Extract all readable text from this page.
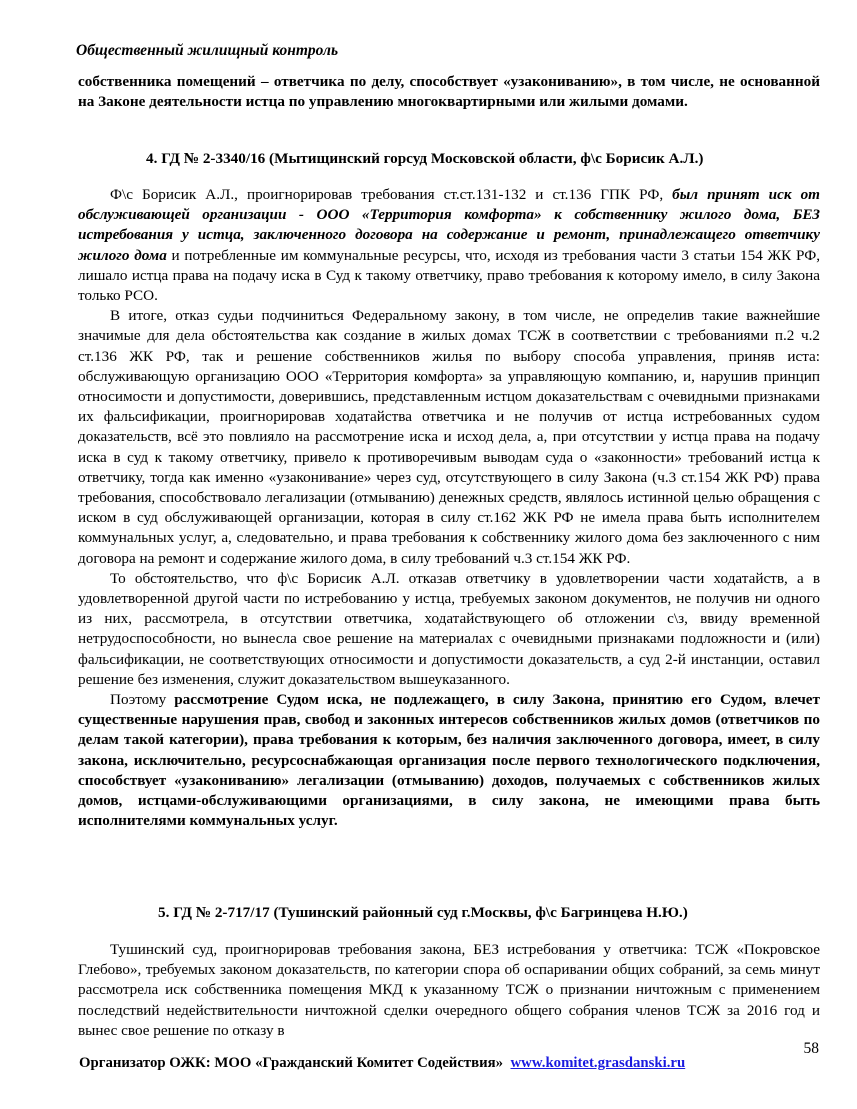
Общественный жилищный контроль

собственника помещений – ответчика по делу, способствует «узакониванию», в том числе, не основанной на Законе деятельности истца по управлению многоквартирными или жилыми домами.

4. ГД № 2-3340/16 (Мытищинский горсуд Московской области, ф\с Борисик А.Л.)

Ф\с Борисик А.Л., проигнорировав требования ст.ст.131-132 и ст.136 ГПК РФ, был принят иск от обслуживающей организации - ООО «Территория комфорта» к собственнику жилого дома, БЕЗ истребования у истца, заключенного договора на содержание и ремонт, принадлежащего ответчику жилого дома и потребленные им коммунальные ресурсы, что, исходя из требования части 3 статьи 154 ЖК РФ, лишало истца права на подачу иска в Суд к такому ответчику, право требования к которому имело, в силу Закона только РСО.

В итоге, отказ судьи подчиниться Федеральному закону, в том числе, не определив такие важнейшие значимые для дела обстоятельства как создание в жилых домах ТСЖ в соответствии с требованиями п.2 ч.2 ст.136 ЖК РФ, так и решение собственников жилья по выбору способа управления, приняв иста: обслуживающую организацию ООО «Территория комфорта» за управляющую компанию, и, нарушив принцип относимости и допустимости, доверившись, представленным истцом доказательствам с очевидными признаками их фальсификации, проигнорировав ходатайства ответчика и не получив от истца истребованных судом доказательств, всё это повлияло на рассмотрение иска и исход дела, а, при отсутствии у истца права на подачу иска в суд к такому ответчику, привело к противоречивым выводам суда о «законности» требований истца к ответчику, тогда как именно «узаконивание» через суд, отсутствующего в силу Закона (ч.3 ст.154 ЖК РФ) права требования, способствовало легализации (отмыванию) денежных средств, являлось истинной целью обращения с иском в суд обслуживающей организации, которая в силу ст.162 ЖК РФ не имела права быть исполнителем коммунальных услуг, а, следовательно, и права требования к собственнику жилого дома без заключенного с ним договора на ремонт и содержание жилого дома, в силу требований ч.3 ст.154 ЖК РФ.

То обстоятельство, что ф\с Борисик А.Л. отказав ответчику в удовлетворении части ходатайств, а в удовлетворенной другой части по истребованию у истца, требуемых законом документов, не получив ни одного из них, рассмотрела, в отсутствии ответчика, ходатайствующего об отложении с\з, ввиду временной нетрудоспособности, но вынесла свое решение на материалах с очевидными признаками подложности и (или) фальсификации, не соответствующих относимости и допустимости доказательств, а суд 2-й инстанции, оставил решение без изменения, служит доказательством вышеуказанного.

Поэтому рассмотрение Судом иска, не подлежащего, в силу Закона, принятию его Судом, влечет существенные нарушения прав, свобод и законных интересов собственников жилых домов (ответчиков по делам такой категории), права требования к которым, без наличия заключенного договора, имеет, в силу закона, исключительно, ресурсоснабжающая организация после первого технологического подключения, способствует «узакониванию» легализации (отмыванию) доходов, получаемых с собственников жилых домов, истцами-обслуживающими организациями, в силу закона, не имеющими права быть исполнителями коммунальных услуг.

5. ГД № 2-717/17 (Тушинский районный суд г.Москвы, ф\с Багринцева Н.Ю.)

Тушинский суд, проигнорировав требования закона, БЕЗ истребования у ответчика: ТСЖ «Покровское Глебово», требуемых законом доказательств, по категории спора об оспаривании общих собраний, за семь минут рассмотрела иск собственника помещения МКД к указанному ТСЖ о признании ничтожным с применением последствий недействительности ничтожной сделки очередного общего собрания членов ТСЖ за 2016 год и вынес свое решение по отказу в

Организатор ОЖК: МОО «Гражданский Комитет Содействия» www.komitet.grasdanski.ru
58
